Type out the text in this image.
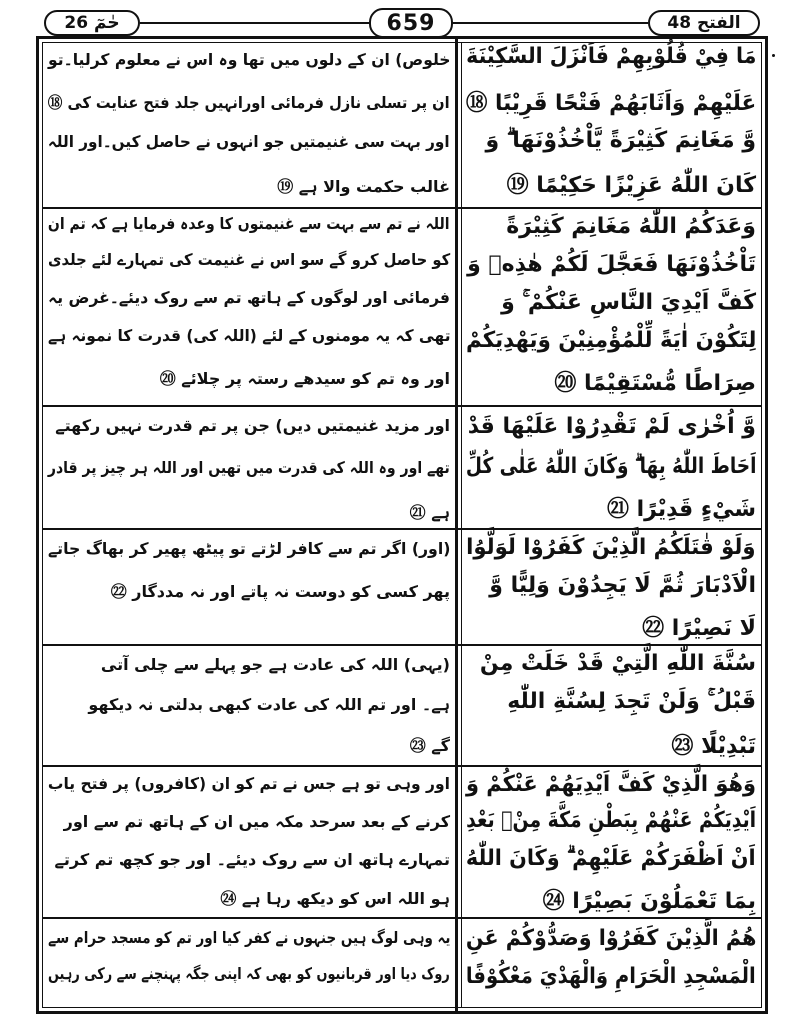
حٰمٓ 26	659	الفتح 48
مَا فِيْ قُلُوْبِهِمْ فَاَنْزَلَ السَّكِيْنَةَ
عَلَيْهِمْ وَاَثَابَهُمْ فَتْحًا قَرِيْبًا ⑱
وَّ مَغَانِمَ كَثِيْرَةً يَّاْخُذُوْنَهَا ۗ وَ
كَانَ اللّٰهُ عَزِيْزًا حَكِيْمًا ⑲
خلوص) ان کے دلوں میں تھا وہ اس نے معلوم کرلیا۔تو
ان پر تسلی نازل فرمائی اورانہیں جلد فتح عنایت کی ⑱
اور بہت سی غنیمتیں جو انہوں نے حاصل کیں۔اور اللہ
غالب حکمت والا ہے ⑲
وَعَدَكُمُ اللّٰهُ مَغَانِمَ كَثِيْرَةً
تَاْخُذُوْنَهَا فَعَجَّلَ لَكُمْ هٰذِهٖ وَ
كَفَّ اَيْدِيَ النَّاسِ عَنْكُمْ ۚ وَ
لِتَكُوْنَ اٰيَةً لِّلْمُؤْمِنِيْنَ وَيَهْدِيَكُمْ
صِرَاطًا مُّسْتَقِيْمًا ⑳
اللہ نے تم سے بہت سے غنیمتوں کا وعدہ فرمایا ہے کہ تم ان
کو حاصل کرو گے سو اس نے غنیمت کی تمہارے لئے جلدی
فرمائی اور لوگوں کے ہاتھ تم سے روک دیئے۔غرض یہ
تھی کہ یہ مومنوں کے لئے (اللہ کی) قدرت کا نمونہ ہے
اور وہ تم کو سیدھے رستہ پر چلائے ⑳
وَّ اُخْرٰى لَمْ تَقْدِرُوْا عَلَيْهَا قَدْ
اَحَاطَ اللّٰهُ بِهَا ۗ وَكَانَ اللّٰهُ عَلٰى كُلِّ
شَيْءٍ قَدِيْرًا ㉑
اور مزید غنیمتیں دیں) جن پر تم قدرت نہیں رکھتے
تھے اور وہ اللہ کی قدرت میں تھیں اور اللہ ہر چیز پر قادر
ہے ㉑
وَلَوْ قٰتَلَكُمُ الَّذِيْنَ كَفَرُوْا لَوَلَّوُا
الْاَدْبَارَ ثُمَّ لَا يَجِدُوْنَ وَلِيًّا وَّ
لَا نَصِيْرًا ㉒
(اور) اگر تم سے کافر لڑتے تو پیٹھ پھیر کر بھاگ جاتے
پھر کسی کو دوست نہ پاتے اور نہ مددگار ㉒
سُنَّةَ اللّٰهِ الَّتِيْ قَدْ خَلَتْ مِنْ
قَبْلُ ۚ وَلَنْ تَجِدَ لِسُنَّةِ اللّٰهِ
تَبْدِيْلًا ㉓
(یہی) اللہ کی عادت ہے جو پہلے سے چلی آتی
ہے۔ اور تم اللہ کی عادت کبھی بدلتی نہ دیکھو
گے ㉓
وَهُوَ الَّذِيْ كَفَّ اَيْدِيَهُمْ عَنْكُمْ وَ
اَيْدِيَكُمْ عَنْهُمْ بِبَطْنِ مَكَّةَ مِنْۢ بَعْدِ
اَنْ اَظْفَرَكُمْ عَلَيْهِمْ ۗ وَكَانَ اللّٰهُ
بِمَا تَعْمَلُوْنَ بَصِيْرًا ㉔
اور وہی تو ہے جس نے تم کو ان (کافروں) پر فتح یاب
کرنے کے بعد سرحد مکہ میں ان کے ہاتھ تم سے اور
تمہارے ہاتھ ان سے روک دیئے۔ اور جو کچھ تم کرتے
ہو اللہ اس کو دیکھ رہا ہے ㉔
هُمُ الَّذِيْنَ كَفَرُوْا وَصَدُّوْكُمْ عَنِ
الْمَسْجِدِ الْحَرَامِ وَالْهَدْيَ مَعْكُوْفًا
یہ وہی لوگ ہیں جنہوں نے کفر کیا اور تم کو مسجد حرام سے
روک دیا اور قربانیوں کو بھی کہ اپنی جگہ پہنچنے سے رکی رہیں
